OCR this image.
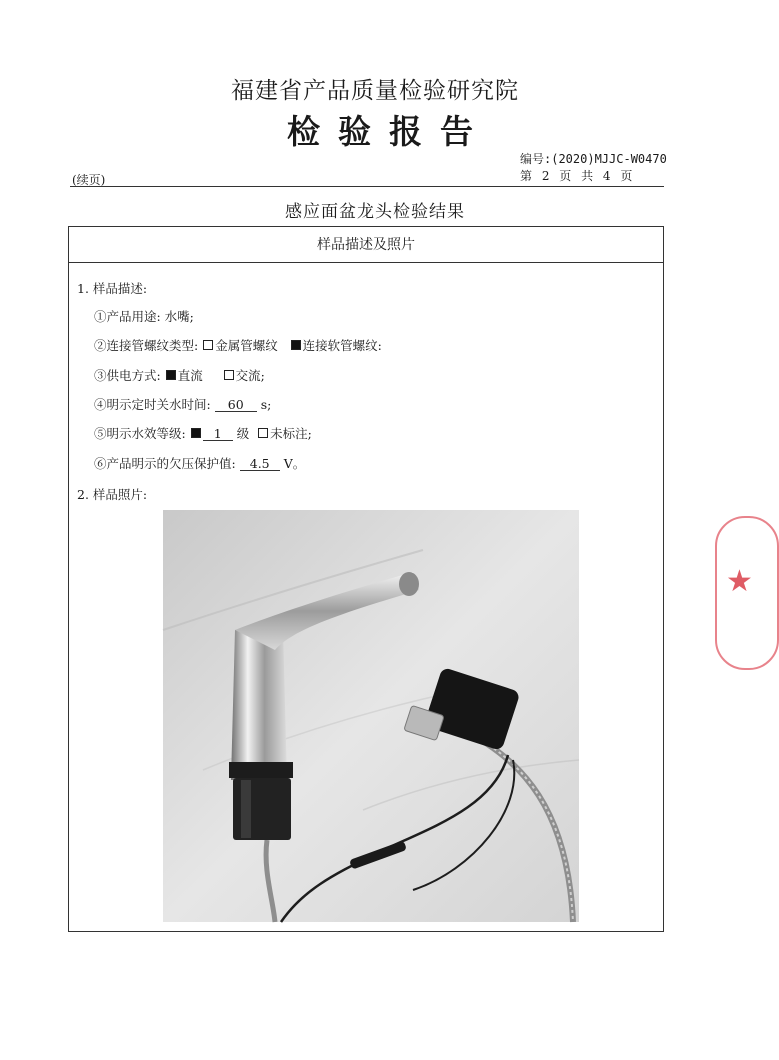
福建省产品质量检验研究院
检验报告
编号:(2020)MJJC-W0470
第 2 页 共 4 页
(续页)
感应面盆龙头检验结果
样品描述及照片
1. 样品描述:
①产品用途: 水嘴;
②连接管螺纹类型: 金属管螺纹 连接软管螺纹:
③供电方式: 直流	交流;
④明示定时关水时间: 60 s;
⑤明示水效等级: 1 级 未标注;
⑥产品明示的欠压保护值: 4.5 V。
2. 样品照片:
★
